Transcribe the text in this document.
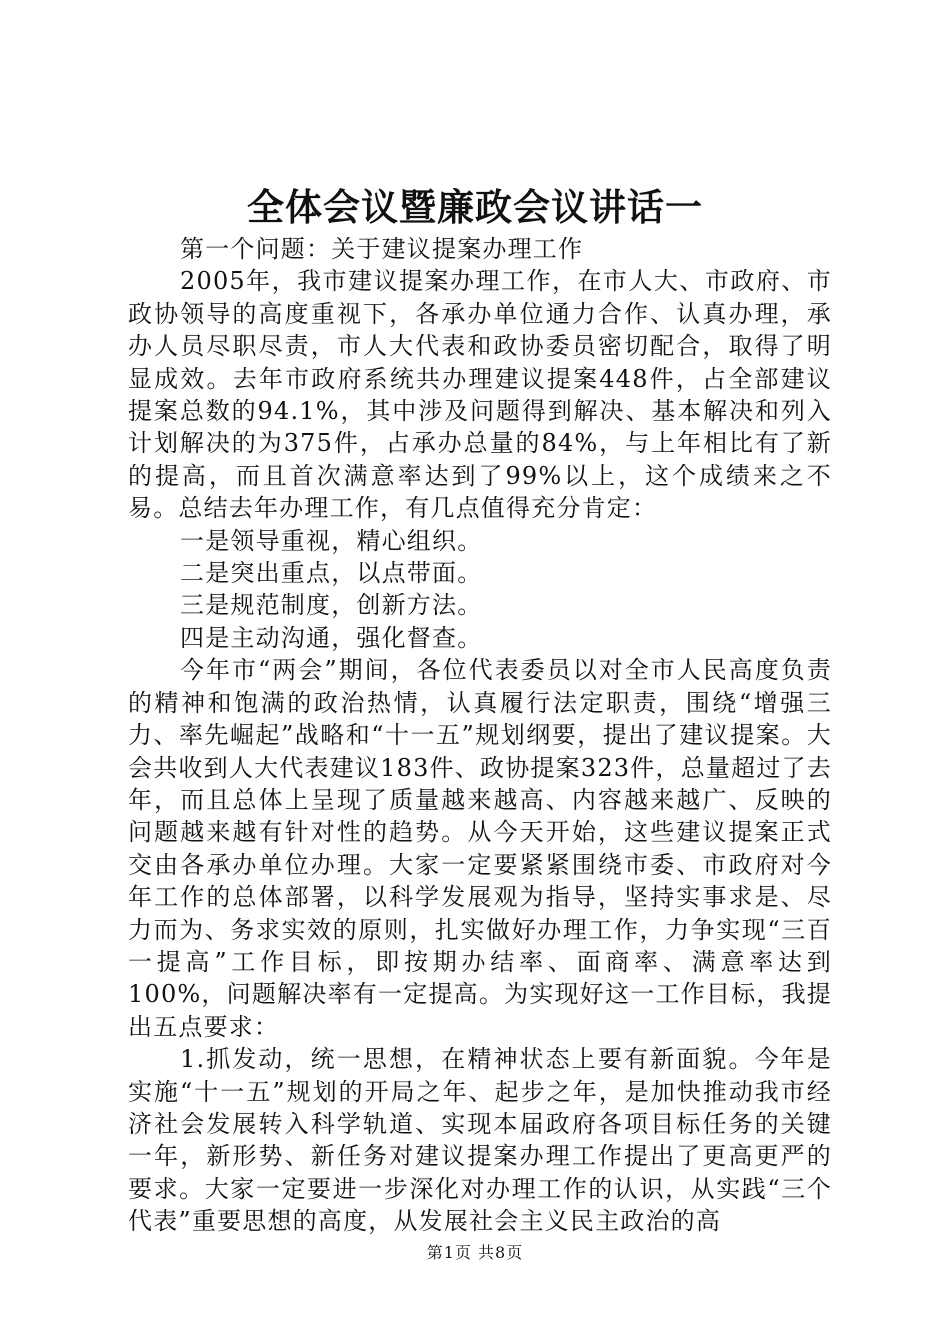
全体会议暨廉政会议讲话一

第一个问题：关于建议提案办理工作

2005年，我市建议提案办理工作，在市人大、市政府、市政协领导的高度重视下，各承办单位通力合作、认真办理，承办人员尽职尽责，市人大代表和政协委员密切配合，取得了明显成效。去年市政府系统共办理建议提案448件，占全部建议提案总数的94.1%，其中涉及问题得到解决、基本解决和列入计划解决的为375件，占承办总量的84%，与上年相比有了新的提高，而且首次满意率达到了99%以上，这个成绩来之不易。总结去年办理工作，有几点值得充分肯定：

一是领导重视，精心组织。

二是突出重点，以点带面。

三是规范制度，创新方法。

四是主动沟通，强化督查。

今年市“两会”期间，各位代表委员以对全市人民高度负责的精神和饱满的政治热情，认真履行法定职责，围绕“增强三力、率先崛起”战略和“十一五”规划纲要，提出了建议提案。大会共收到人大代表建议183件、政协提案323件，总量超过了去年，而且总体上呈现了质量越来越高、内容越来越广、反映的问题越来越有针对性的趋势。从今天开始，这些建议提案正式交由各承办单位办理。大家一定要紧紧围绕市委、市政府对今年工作的总体部署，以科学发展观为指导，坚持实事求是、尽力而为、务求实效的原则，扎实做好办理工作，力争实现“三百一提高”工作目标，即按期办结率、面商率、满意率达到100%，问题解决率有一定提高。为实现好这一工作目标，我提出五点要求：

1.抓发动，统一思想，在精神状态上要有新面貌。今年是实施“十一五”规划的开局之年、起步之年，是加快推动我市经济社会发展转入科学轨道、实现本届政府各项目标任务的关键一年，新形势、新任务对建议提案办理工作提出了更高更严的要求。大家一定要进一步深化对办理工作的认识，从实践“三个代表”重要思想的高度，从发展社会主义民主政治的高

第1页 共8页
